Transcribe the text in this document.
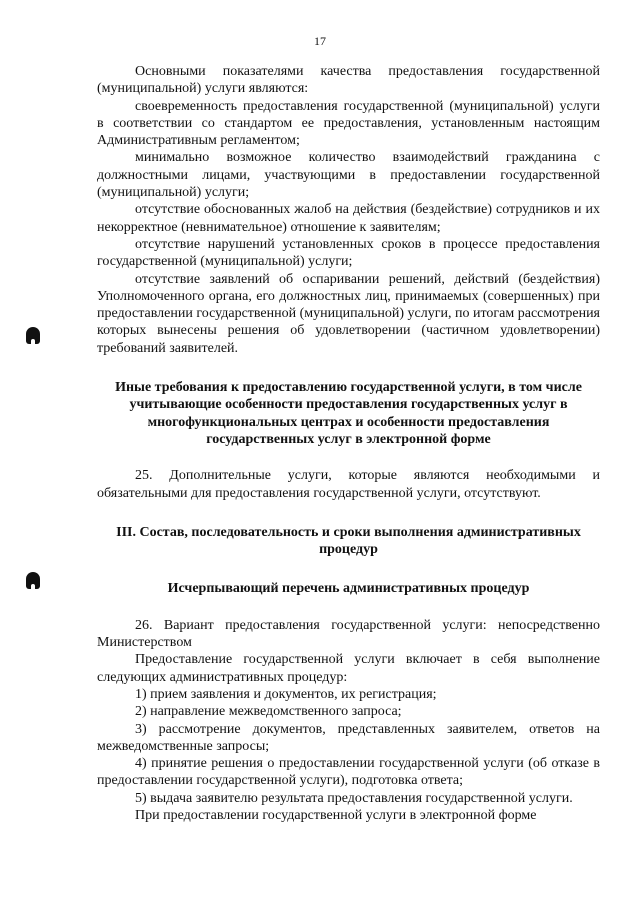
17

Основными показателями качества предоставления государственной (муниципальной) услуги являются:

своевременность предоставления государственной (муниципальной) услуги в соответствии со стандартом ее предоставления, установленным настоящим Административным регламентом;

минимально возможное количество взаимодействий гражданина с должностными лицами, участвующими в предоставлении государственной (муниципальной) услуги;

отсутствие обоснованных жалоб на действия (бездействие) сотрудников и их некорректное (невнимательное) отношение к заявителям;

отсутствие нарушений установленных сроков в процессе предоставления государственной (муниципальной) услуги;

отсутствие заявлений об оспаривании решений, действий (бездействия) Уполномоченного органа, его должностных лиц, принимаемых (совершенных) при предоставлении государственной (муниципальной) услуги, по итогам рассмотрения которых вынесены решения об удовлетворении (частичном удовлетворении) требований заявителей.

Иные требования к предоставлению государственной услуги, в том числе учитывающие особенности предоставления государственных услуг в многофункциональных центрах и особенности предоставления государственных услуг в электронной форме

25. Дополнительные услуги, которые являются необходимыми и обязательными для предоставления государственной услуги, отсутствуют.

III. Состав, последовательность и сроки выполнения административных процедур
Исчерпывающий перечень административных процедур

26. Вариант предоставления государственной услуги: непосредственно Министерством

Предоставление государственной услуги включает в себя выполнение следующих административных процедур:

1) прием заявления и документов, их регистрация;

2) направление межведомственного запроса;

3) рассмотрение документов, представленных заявителем, ответов на межведомственные запросы;

4) принятие решения о предоставлении государственной услуги (об отказе в предоставлении государственной услуги), подготовка ответа;

5) выдача заявителю результата предоставления государственной услуги.

При предоставлении государственной услуги в электронной форме
